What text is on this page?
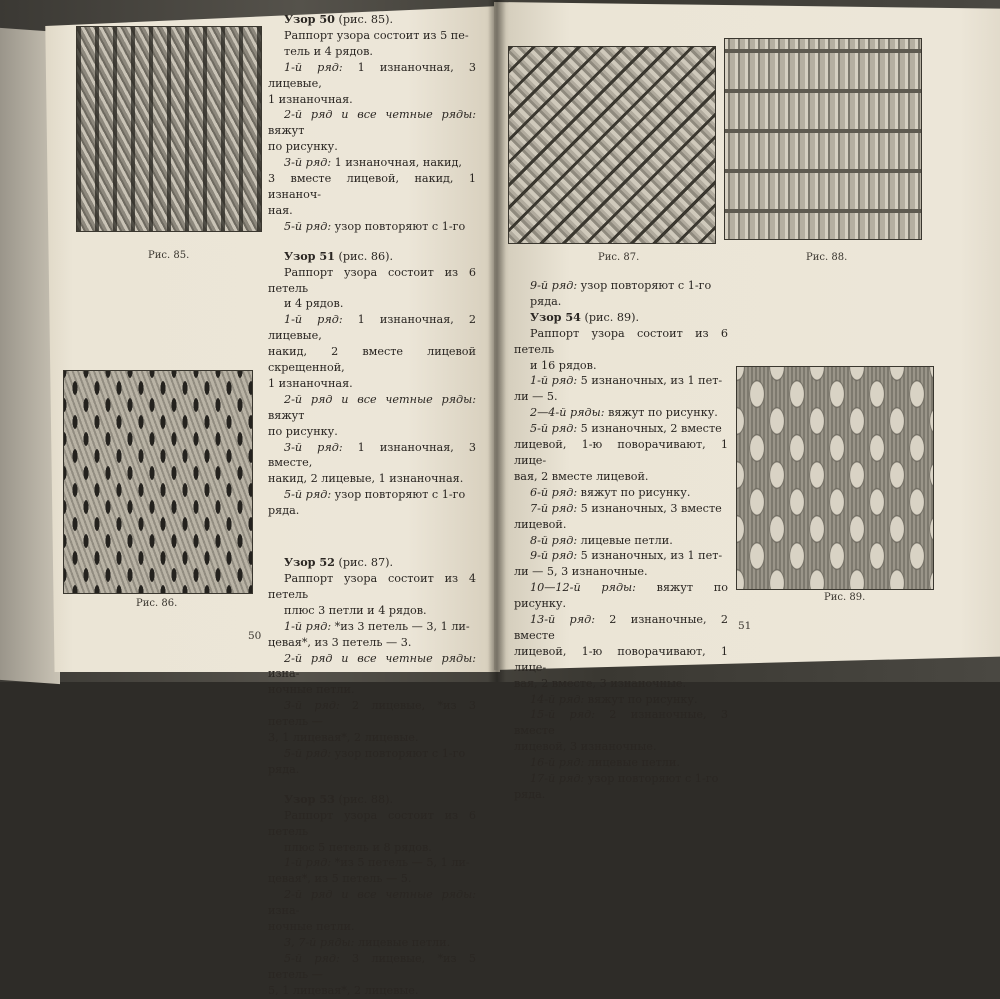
Рис. 85.
Рис. 86.
50

Узор 50 (рис. 85).

Раппорт узора состоит из 5 пе-

тель и 4 рядов.

1-й ряд: 1 изнаночная, 3 лицевые,

1 изнаночная.

2-й ряд и все четные ряды: вяжут

по рисунку.

3-й ряд: 1 изнаночная, накид,

3 вместе лицевой, накид, 1 изнаноч-

ная.

5-й ряд: узор повторяют с 1-го

Узор 51 (рис. 86).

Раппорт узора состоит из 6 петель

и 4 рядов.

1-й ряд: 1 изнаночная, 2 лицевые,

накид, 2 вместе лицевой скрещенной,

1 изнаночная.

2-й ряд и все четные ряды: вяжут

по рисунку.

3-й ряд: 1 изнаночная, 3 вместе,

накид, 2 лицевые, 1 изнаночная.

5-й ряд: узор повторяют с 1-го

ряда.

Узор 52 (рис. 87).

Раппорт узора состоит из 4 петель

плюс 3 петли и 4 рядов.

1-й ряд: *из 3 петель — 3, 1 ли-

цевая*, из 3 петель — 3.

2-й ряд и все четные ряды: изна-

ночные петли.

3-й ряд: 2 лицевые, *из 3 петель —

3, 1 лицевая*, 2 лицевые.

5-й ряд: узор повторяют с 1-го

ряда.

Узор 53 (рис. 88).

Раппорт узора состоит из 6 петель

плюс 5 петель и 8 рядов.

1-й ряд: *из 5 петель — 5, 1 ли-

цевая*, из 5 петель — 5.

2-й ряд и все четные ряды: изна-

ночные петли.

3, 7-й ряды: лицевые петли.

5-й ряд: 3 лицевые, *из 5 петель —

5, 1 лицевая*, 2 лицевые.

Рис. 87.	Рис. 88.
Рис. 89.
51

9-й ряд: узор повторяют с 1-го

ряда.

Узор 54 (рис. 89).

Раппорт узора состоит из 6 петель

и 16 рядов.

1-й ряд: 5 изнаночных, из 1 пет-

ли — 5.

2—4-й ряды: вяжут по рисунку.

5-й ряд: 5 изнаночных, 2 вместе

лицевой, 1-ю поворачивают, 1 лице-

вая, 2 вместе лицевой.

6-й ряд: вяжут по рисунку.

7-й ряд: 5 изнаночных, 3 вместе

лицевой.

8-й ряд: лицевые петли.

9-й ряд: 5 изнаночных, из 1 пет-

ли — 5, 3 изнаночные.

10—12-й ряды: вяжут по рисунку.

13-й ряд: 2 изнаночные, 2 вместе

лицевой, 1-ю поворачивают, 1 лице-

вая, 2 вместе, 3 изнаночные.

14-й ряд: вяжут по рисунку.

15-й ряд: 2 изнаночные, 3 вместе

лицевой, 3 изнаночные.

16-й ряд: лицевые петли.

17-й ряд: узор повторяют с 1-го

ряда.
